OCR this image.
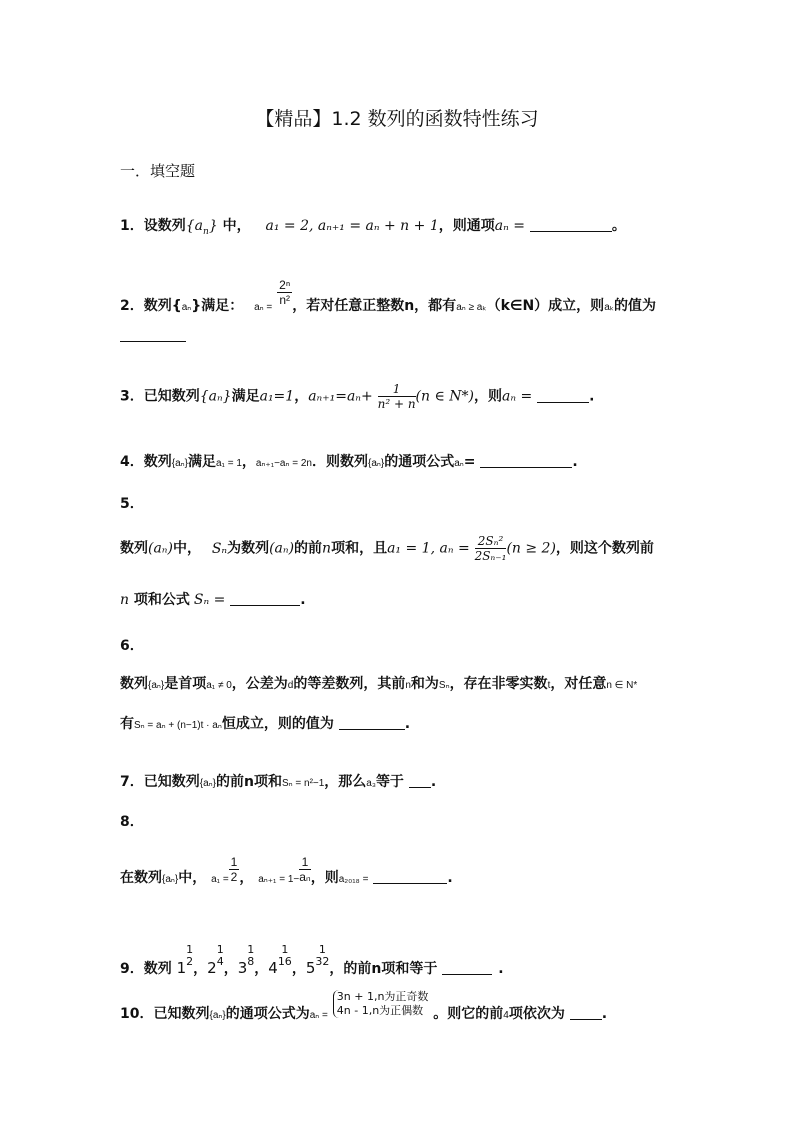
【精品】1.2 数列的函数特性练习
一．填空题
1．设数列$\{a_n\}$ 中， a₁ = 2, aₙ₊₁ = aₙ + n + 1，则通项aₙ =	。
2．数列{aₙ}满足： aₙ =
$\frac{\text{2ⁿ}}{\text{n²}}$ ，若对任意正整数n，都有aₙ ≥ aₖ（k∈N）成立，则aₖ的值为
3．已知数列{aₙ}满足a₁=1，$a_{n+1}=a_n+ \frac{1}{\text{n² + n}} (n$ ∈ N*)，则aₙ =	.
4．数列{aₙ}满足a₁ = 1，aₙ₊₁−aₙ = 2n．则数列{aₙ}的通项公式aₙ=	.
5．
数列(aₙ)中， Sₙ为数列(aₙ)的前n项和，且a₁ = 1, $a_n = \frac{\text{2Sₙ²}}{\text{2Sₙ₋₁}} (n \ge 2)$，则这个数列前
n 项和公式 Sₙ =	.
6．
数列{aₙ}是首项a₁ ≠ 0，公差为d的等差数列，其前n和为Sₙ，存在非零实数t，对任意n ∈ N*
有Sₙ = aₙ + (n−1)t · aₙ恒成立，则的值为	.
7．已知数列{aₙ}的前n项和Sₙ = n²−1，那么a₃等于 .
8．
在数列{aₙ}中， $a_1 = \frac{1}{2}$ ， $a_{n+1} = 1- \frac{1}{\text{aₙ}}$ ，则a₂₀₁₈ =	.
9．数列 1
1
2 ，2
1
4 ，3
1
8 ，4
1
16 ，5
1
32 ，的前n项和等于	.
10．已知数列{aₙ}的通项公式为aₙ =
3n + 1,n为正奇数
4n - 1,n为正偶数 。则它的前4项依次为	.
